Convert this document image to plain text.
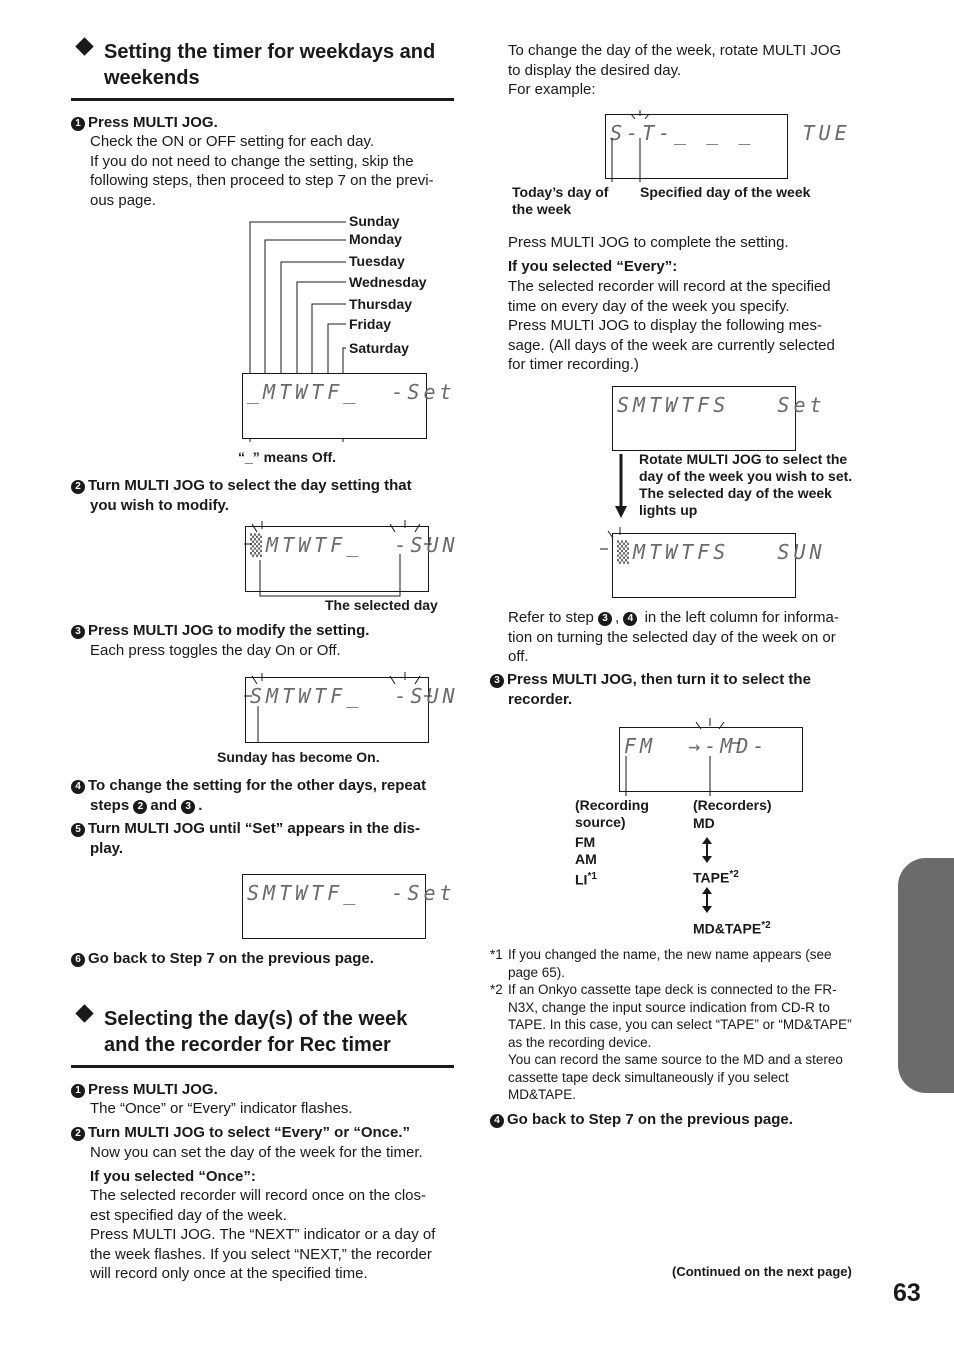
Setting the timer for weekdays and
weekends
1 Press MULTI JOG.
Check the ON or OFF setting for each day.
If you do not need to change the setting, skip the
following steps, then proceed to step 7 on the previ-
ous page.
Sunday
Monday
Tuesday
Wednesday
Thursday
Friday
Saturday
_MTWTF_  -Set
“_” means Off.
2 Turn MULTI JOG to select the day setting that
you wish to modify.
▒MTWTF_  -SUN
The selected day
3 Press MULTI JOG to modify the setting.
Each press toggles the day On or Off.
SMTWTF_  -SUN
Sunday has become On.
4 To change the setting for the other days, repeat
steps 2 and 3 .
5 Turn MULTI JOG until “Set” appears in the dis-
play.
SMTWTF_  -Set
6 Go back to Step 7 on the previous page.
Selecting the day(s) of the week
and the recorder for Rec timer
1 Press MULTI JOG.
The “Once” or “Every” indicator flashes.
2 Turn MULTI JOG to select “Every” or “Once.”
Now you can set the day of the week for the timer.
If you selected “Once”:
The selected recorder will record once on the clos-
est specified day of the week.
Press MULTI JOG. The “NEXT” indicator or a day of
the week flashes. If you select “NEXT,” the recorder
will record only once at the specified time.
To change the day of the week, rotate MULTI JOG
to display the desired day.
For example:
S-T-_ _ _   TUE
Today’s day of
the week
Specified day of the week
Press MULTI JOG to complete the setting.
If you selected “Every”:
The selected recorder will record at the specified
time on every day of the week you specify.
Press MULTI JOG to display the following mes-
sage. (All days of the week are currently selected
for timer recording.)
SMTWTFS   Set
Rotate MULTI JOG to select the
day of the week you wish to set.
The selected day of the week
lights up
▒MTWTFS   SUN
Refer to step 3 , 4 in the left column for informa-
tion on turning the selected day of the week on or
off.
3 Press MULTI JOG, then turn it to select the
recorder.
FM  →-MD-
(Recording
source)
FM
AM
LI$^{*1}$
(Recorders)
MD
TAPE$^{*2}$
MD&TAPE$^{*2}$
*1 If you changed the name, the new name appears (see
page 65).
*2 If an Onkyo cassette tape deck is connected to the FR-
N3X, change the input source indication from CD-R to
TAPE. In this case, you can select “TAPE” or “MD&TAPE”
as the recording device.
You can record the same source to the MD and a stereo
cassette tape deck simultaneously if you select
MD&TAPE.
4 Go back to Step 7 on the previous page.
(Continued on the next page)
63
